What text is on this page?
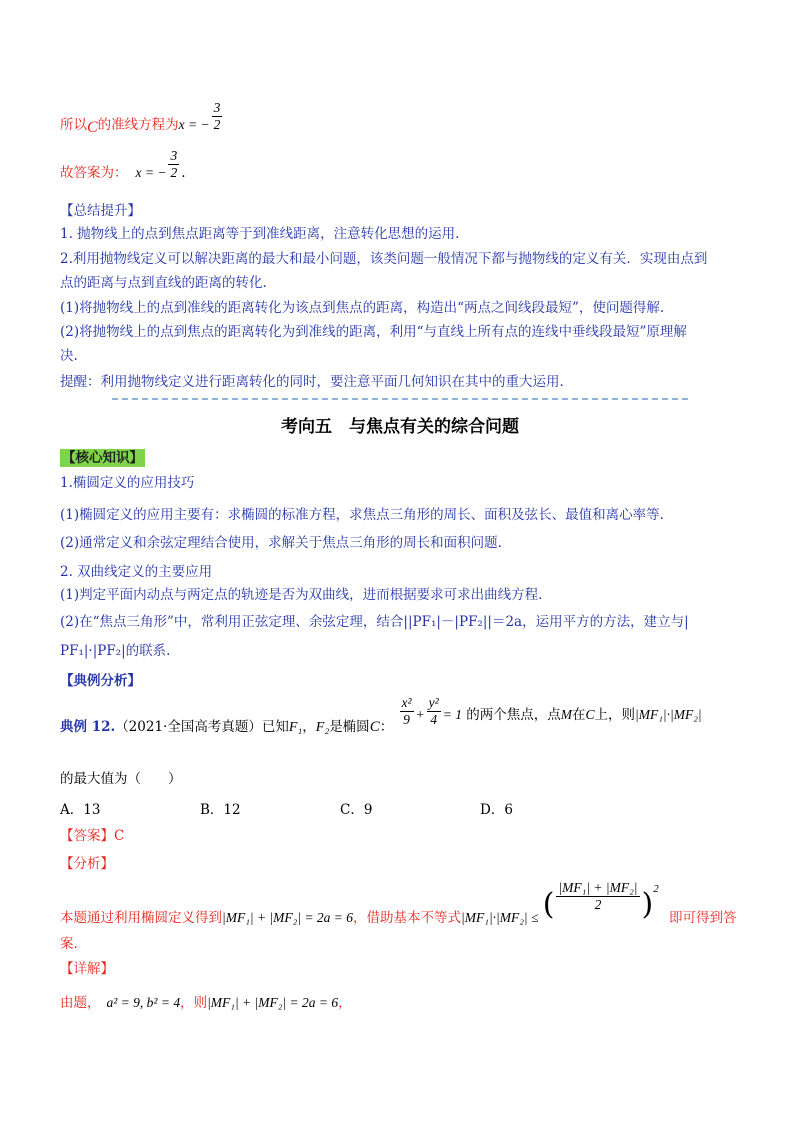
所以C的准线方程为x = − $\frac{3}{2}$
故答案为： x = − $\frac{3}{2}$ .
【总结提升】
1. 抛物线上的点到焦点距离等于到准线距离，注意转化思想的运用.
2.利用抛物线定义可以解决距离的最大和最小问题，该类问题一般情况下都与抛物线的定义有关．实现由点到
点的距离与点到直线的距离的转化.
(1)将抛物线上的点到准线的距离转化为该点到焦点的距离，构造出“两点之间线段最短”，使问题得解.
(2)将抛物线上的点到焦点的距离转化为到准线的距离，利用“与直线上所有点的连线中垂线段最短”原理解
决.
提醒：利用抛物线定义进行距离转化的同时，要注意平面几何知识在其中的重大运用.
考向五　与焦点有关的综合问题
【核心知识】
1.椭圆定义的应用技巧
(1)椭圆定义的应用主要有：求椭圆的标准方程，求焦点三角形的周长、面积及弦长、最值和离心率等.
(2)通常定义和余弦定理结合使用，求解关于焦点三角形的周长和面积问题.
2. 双曲线定义的主要应用
(1)判定平面内动点与两定点的轨迹是否为双曲线，进而根据要求可求出曲线方程.
(2)在“焦点三角形”中，常利用正弦定理、余弦定理，结合||PF₁|－|PF₂||＝2a，运用平方的方法，建立与|
PF₁|·|PF₂|的联系.
【典例分析】
典例 12.（2021·全国高考真题）已知F₁，F₂是椭圆C： $\frac{\text{x²}}{9} + \frac{\text{y²}}{4} = 1$ 的两个焦点，点M在C上，则|MF₁|·|MF₂|
的最大值为（　　）
A．13	B．12	C．9	D．6
【答案】C
【分析】
本题通过利用椭圆定义得到|MF₁| + |MF₂| = 2a = 6，借助基本不等式|MF₁|·|MF₂| ≤ ( $\frac{\text{|MF₁| + |MF₂|}}{2} )^2$ 即可得到答案.
【详解】
由题， a² = 9, b² = 4，则|MF₁| + |MF₂| = 2a = 6，
